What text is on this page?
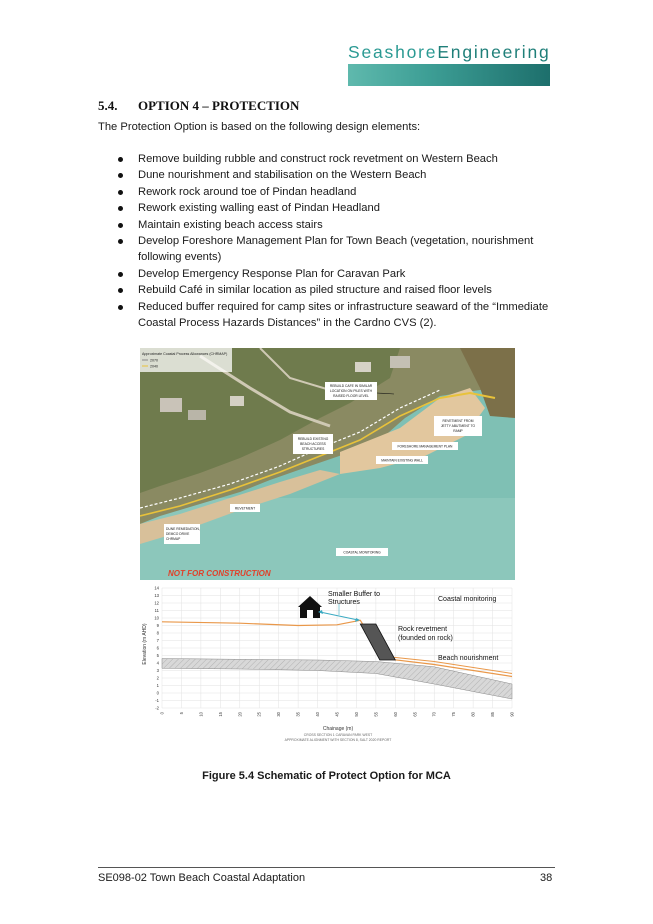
SeashoreEngineering
5.4. OPTION 4 – PROTECTION
The Protection Option is based on the following design elements:
Remove building rubble and construct rock revetment on Western Beach
Dune nourishment and stabilisation on the Western Beach
Rework rock around toe of Pindan headland
Rework existing walling east of Pindan Headland
Maintain existing beach access stairs
Develop Foreshore Management Plan for Town Beach (vegetation, nourishment following events)
Develop Emergency Response Plan for Caravan Park
Rebuild Café in similar location as piled structure and raised floor levels
Reduced buffer required for camp sites or infrastructure seaward of the “Immediate Coastal Process Hazards Distances” in the Cardno CVS (2).
Approximate Coastal Process Allowances (CHRMAP)
2070
2040
REBUILD CAFE IN SIMILAR
LOCATION ON PILES WITH
RAISED FLOOR LEVEL
REVETMENT FROM
JETTY ABUTMENT TO
RAMP
REBUILD EXISTING
BEACH ACCESS
STRUCTURES
FORESHORE MANAGEMENT PLAN
MAINTAIN EXISTING WALL
REVETMENT
DUNE REMEDIATION,
DEMCO DRIVE
CHRMAP
COASTAL MONITORING
NOT FOR CONSTRUCTION
14
13
12
11
10
9
8
7
6
5
4
3
2
1
0
-1
-2
0	5	10	15	20	25	30	35	40	45	50	55	60	65	70	75	80	85	90
Smaller Buffer to
Structures	Coastal monitoring
Rock revetment
(founded on rock)
Beach nourishment
Elevation (m AHD)
Chainage (m)
CROSS SECTION 1 CARAVAN PARK WEST
APPROXIMATE ALIGNMENT WITH SECTION 8, SALT 2020 REPORT
Figure 5.4 Schematic of Protect Option for MCA
SE098-02 Town Beach Coastal Adaptation	38
